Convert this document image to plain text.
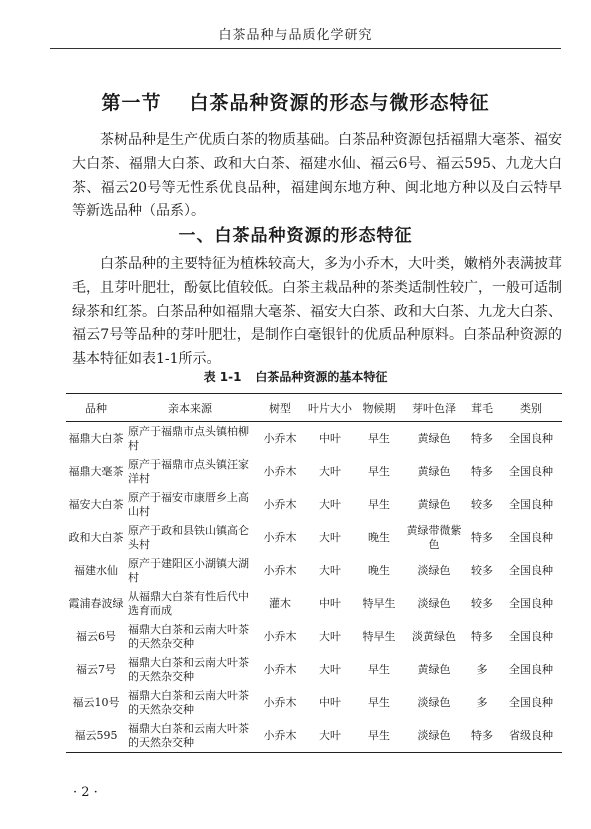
白茶品种与品质化学研究
第一节 白茶品种资源的形态与微形态特征

茶树品种是生产优质白茶的物质基础。白茶品种资源包括福鼎大毫茶、福安大白茶、福鼎大白茶、政和大白茶、福建水仙、福云6号、福云595、九龙大白茶、福云20号等无性系优良品种，福建闽东地方种、闽北地方种以及白云特早等新选品种（品系）。

一、白茶品种资源的形态特征

白茶品种的主要特征为植株较高大，多为小乔木，大叶类，嫩梢外表满披茸毛，且芽叶肥壮，酚氨比值较低。白茶主栽品种的茶类适制性较广，一般可适制绿茶和红茶。白茶品种如福鼎大毫茶、福安大白茶、政和大白茶、九龙大白茶、福云7号等品种的芽叶肥壮，是制作白毫银针的优质品种原料。白茶品种资源的基本特征如表1-1所示。

表 1-1 白茶品种资源的基本特征
品种	亲本来源	树型	叶片大小	物候期	芽叶色泽	茸毛	类别
福鼎大白茶	原产于福鼎市点头镇柏柳村	小乔木	中叶	早生	黄绿色	特多	全国良种
福鼎大毫茶	原产于福鼎市点头镇汪家洋村	小乔木	大叶	早生	黄绿色	特多	全国良种
福安大白茶	原产于福安市康厝乡上高山村	小乔木	大叶	早生	黄绿色	较多	全国良种
政和大白茶	原产于政和县铁山镇高仑头村	小乔木	大叶	晚生	黄绿带微紫色	特多	全国良种
福建水仙	原产于建阳区小湖镇大湖村	小乔木	大叶	晚生	淡绿色	较多	全国良种
霞浦春波绿	从福鼎大白茶有性后代中选育而成	灌木	中叶	特早生	淡绿色	较多	全国良种
福云6号	福鼎大白茶和云南大叶茶的天然杂交种	小乔木	大叶	特早生	淡黄绿色	特多	全国良种
福云7号	福鼎大白茶和云南大叶茶的天然杂交种	小乔木	大叶	早生	黄绿色	多	全国良种
福云10号	福鼎大白茶和云南大叶茶的天然杂交种	小乔木	中叶	早生	淡绿色	多	全国良种
福云595	福鼎大白茶和云南大叶茶的天然杂交种	小乔木	大叶	早生	淡绿色	特多	省级良种
· 2 ·
